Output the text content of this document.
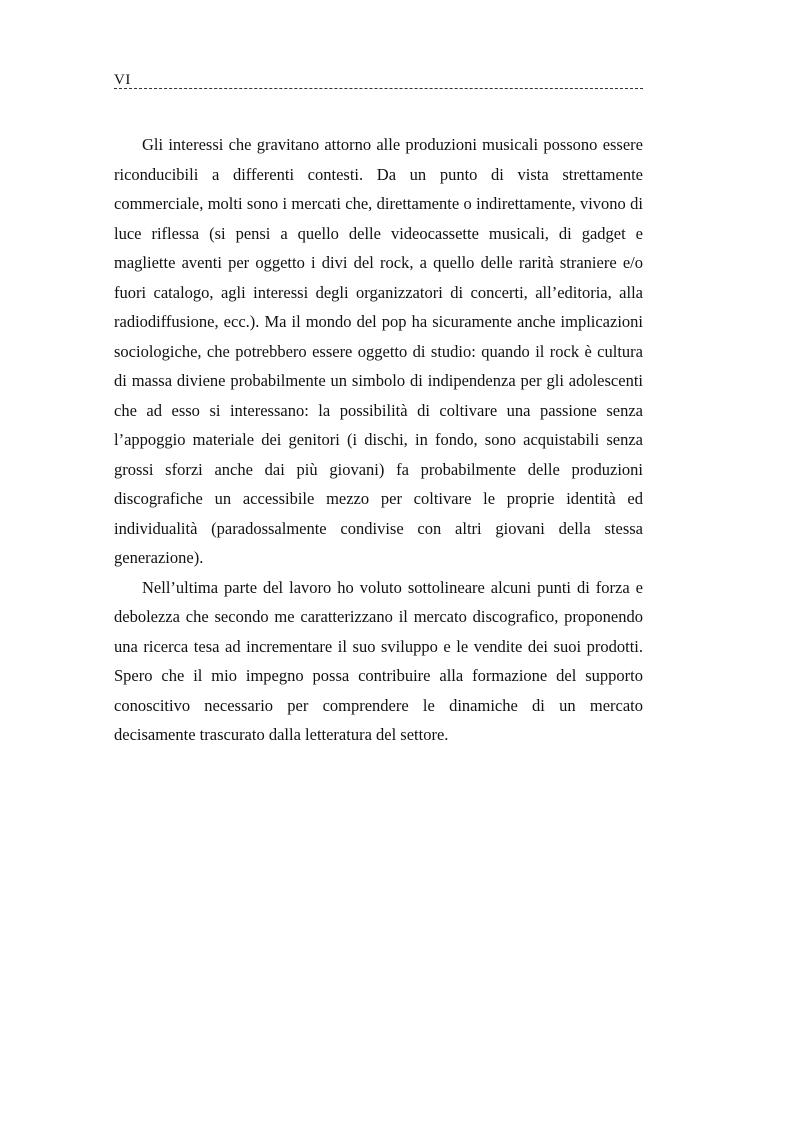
VI

Gli interessi che gravitano attorno alle produzioni musicali possono essere riconducibili a differenti contesti. Da un punto di vista strettamente commerciale, molti sono i mercati che, direttamente o indirettamente, vivono di luce riflessa (si pensi a quello delle videocassette musicali, di gadget e magliette aventi per oggetto i divi del rock, a quello delle rarità straniere e/o fuori catalogo, agli interessi degli organizzatori di concerti, all’editoria, alla radiodiffusione, ecc.). Ma il mondo del pop ha sicuramente anche implicazioni sociologiche, che potrebbero essere oggetto di studio: quando il rock è cultura di massa diviene probabilmente un simbolo di indipendenza per gli adolescenti che ad esso si interessano: la possibilità di coltivare una passione senza l’appoggio materiale dei genitori (i dischi, in fondo, sono acquistabili senza grossi sforzi anche dai più giovani) fa probabilmente delle produzioni discografiche un accessibile mezzo per coltivare le proprie identità ed individualità (paradossalmente condivise con altri giovani della stessa generazione).

Nell’ultima parte del lavoro ho voluto sottolineare alcuni punti di forza e debolezza che secondo me caratterizzano il mercato discografico, proponendo una ricerca tesa ad incrementare il suo sviluppo e le vendite dei suoi prodotti. Spero che il mio impegno possa contribuire alla formazione del supporto conoscitivo necessario per comprendere le dinamiche di un mercato decisamente trascurato dalla letteratura del settore.
